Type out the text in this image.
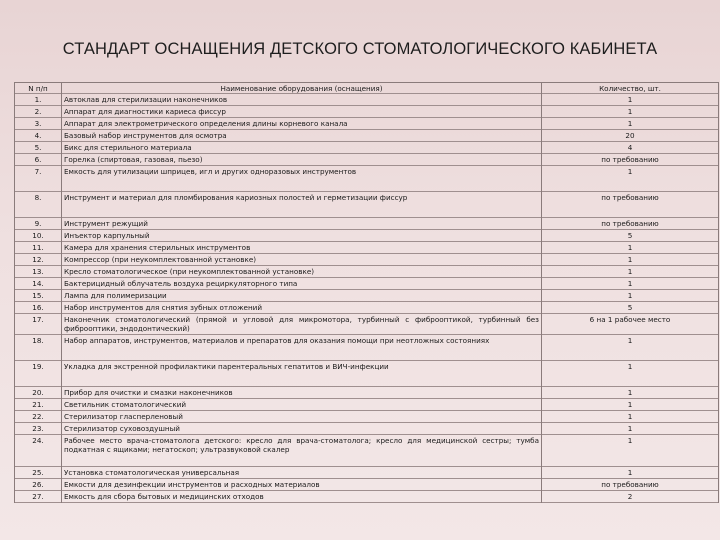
СТАНДАРТ ОСНАЩЕНИЯ ДЕТСКОГО СТОМАТОЛОГИЧЕСКОГО КАБИНЕТА
N п/п	Наименование оборудования (оснащения)	Количество, шт.
1.	Автоклав для стерилизации наконечников	1
2.	Аппарат для диагностики кариеса фиссур	1
3.	Аппарат для электрометрического определения длины корневого канала	1
4.	Базовый набор инструментов для осмотра	20
5.	Бикс для стерильного материала	4
6.	Горелка (спиртовая, газовая, пьезо)	по требованию
7.	Емкость для утилизации шприцев, игл и других одноразовых инструментов	1
8.	Инструмент и материал для пломбирования кариозных полостей и герметизации фиссур	по требованию
9.	Инструмент режущий	по требованию
10.	Инъектор карпульный	5
11.	Камера для хранения стерильных инструментов	1
12.	Компрессор (при неукомплектованной установке)	1
13.	Кресло стоматологическое (при неукомплектованной установке)	1
14.	Бактерицидный облучатель воздуха рециркуляторного типа	1
15.	Лампа для полимеризации	1
16.	Набор инструментов для снятия зубных отложений	5
17.	Наконечник стоматологический (прямой и угловой для микромотора, турбинный с фиброоптикой, турбинный без фиброоптики, эндодонтический)	6 на 1 рабочее место
18.	Набор аппаратов, инструментов, материалов и препаратов для оказания помощи при неотложных состояниях	1
19.	Укладка для экстренной профилактики парентеральных гепатитов и ВИЧ-инфекции	1
20.	Прибор для очистки и смазки наконечников	1
21.	Светильник стоматологический	1
22.	Стерилизатор гласперленовый	1
23.	Стерилизатор суховоздушный	1
24.	Рабочее место врача-стоматолога детского: кресло для врача-стоматолога; кресло для медицинской сестры; тумба подкатная с ящиками; негатоскоп; ультразвуковой скалер	1
25.	Установка стоматологическая универсальная	1
26.	Емкости для дезинфекции инструментов и расходных материалов	по требованию
27.	Емкость для сбора бытовых и медицинских отходов	2
